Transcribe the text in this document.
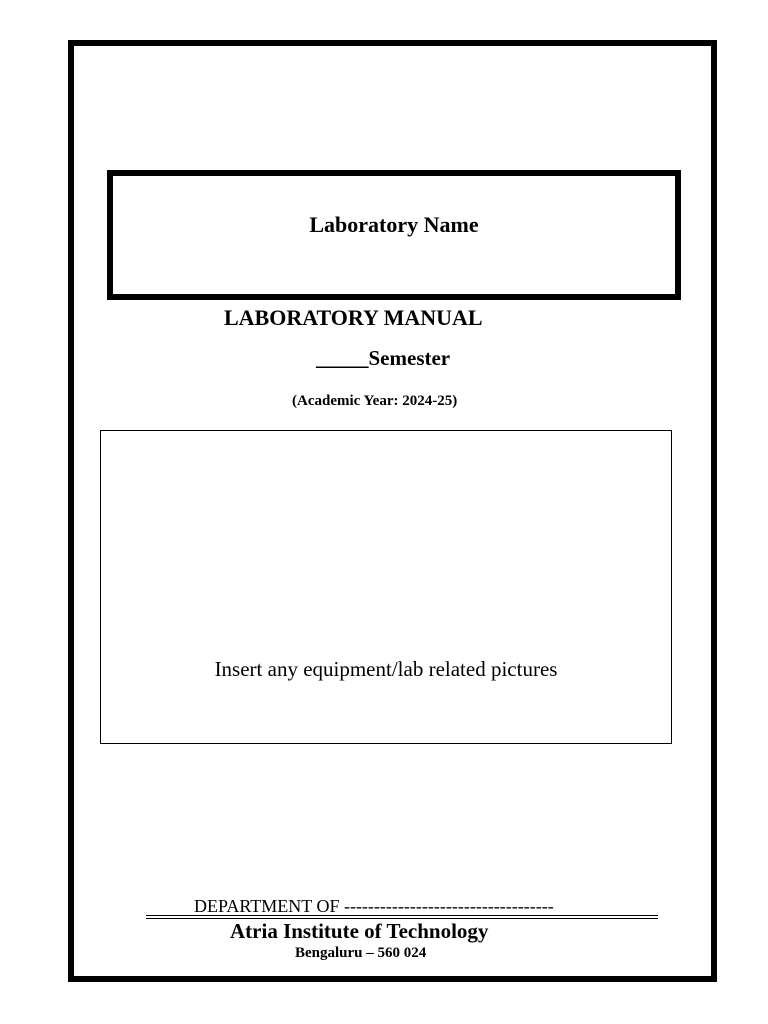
Laboratory Name
LABORATORY MANUAL
_____Semester
(Academic Year: 2024-25)
Insert any equipment/lab related pictures
DEPARTMENT OF -----------------------------------
Atria Institute of Technology
Bengaluru – 560 024
